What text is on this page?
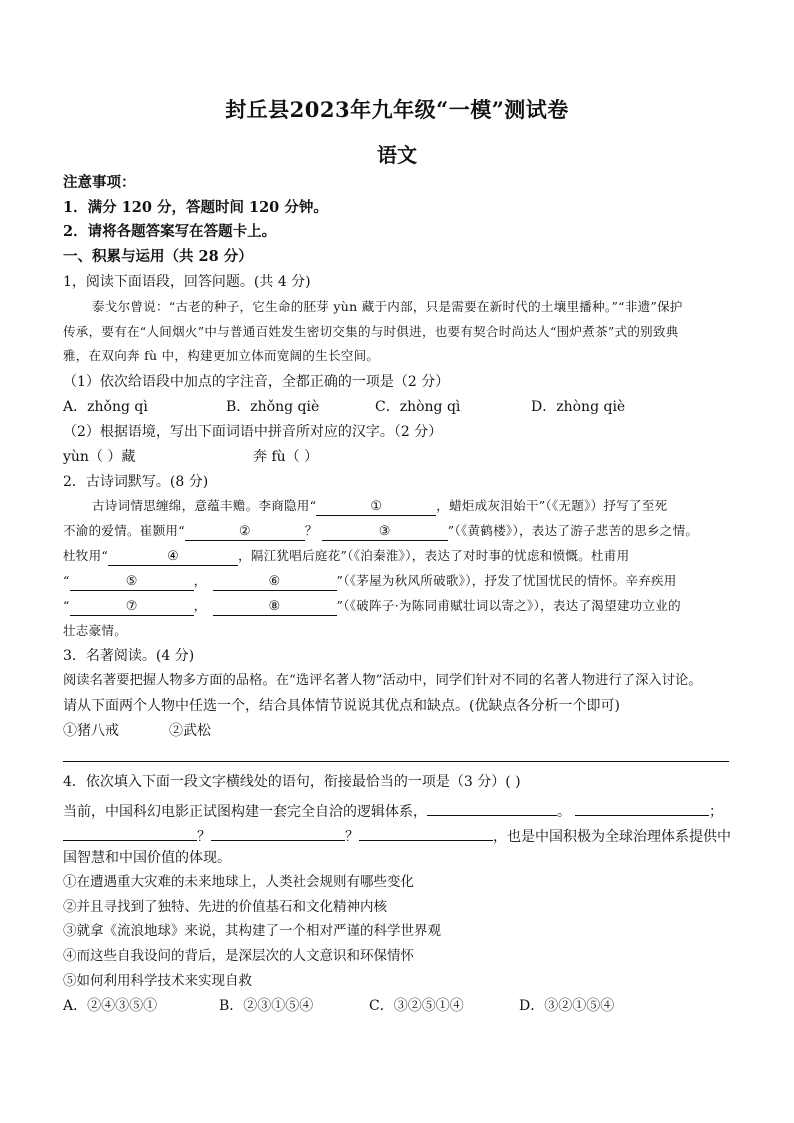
封丘县2023年九年级“一模”测试卷
语文
注意事项：
1．满分 120 分，答题时间 120 分钟。
2．请将各题答案写在答题卡上。
一、积累与运用（共 28 分）
1，阅读下面语段，回答问题。(共 4 分)
泰戈尔曾说：“古老的种子，它生命的胚芽 yùn 藏于内部，只是需要在新时代的土壤里播种。”“非遗”保护
传承，要有在“人间烟火”中与普通百姓发生密切交集的与时俱进，也要有契合时尚达人“围炉煮茶”式的别致典
雅，在双向奔 fù 中，构建更加立体而宽阔的生长空间。
（1）依次给语段中加点的字注音，全都正确的一项是（2 分）
A．zhǒng qì	B．zhǒng qiè	C．zhòng qì	D．zhòng qiè
（2）根据语境，写出下面词语中拼音所对应的汉字。（2 分）
yùn（ ）藏	奔 fù（ ）
2．古诗词默写。(8 分)
古诗词情思缠绵，意蕴丰赡。李商隐用“	①	，蜡炬成灰泪始干”（《无题》）抒写了至死
不渝的爱情。崔颢用“	②	？	③	”（《黄鹤楼》），表达了游子悲苦的思乡之情。
杜牧用“	④	，隔江犹唱后庭花”（《泊秦淮》），表达了对时事的忧虑和愤慨。杜甫用
“	⑤	，	⑥	”（《茅屋为秋风所破歌》），抒发了忧国忧民的情怀。辛弃疾用
“	⑦	，	⑧	”（《破阵子·为陈同甫赋壮词以寄之》），表达了渴望建功立业的
壮志豪情。
3．名著阅读。(4 分)
阅读名著要把握人物多方面的品格。在“选评名著人物”活动中，同学们针对不同的名著人物进行了深入讨论。
请从下面两个人物中任选一个，结合具体情节说说其优点和缺点。(优缺点各分析一个即可)
①猪八戒	②武松
4．依次填入下面一段文字横线处的语句，衔接最恰当的一项是（3 分）( )
当前，中国科幻电影正试图构建一套完全自洽的逻辑体系，	。	；
？	？	，也是中国积极为全球治理体系提供中
国智慧和中国价值的体现。
①在遭遇重大灾难的未来地球上，人类社会规则有哪些变化
②并且寻找到了独特、先进的价值基石和文化精神内核
③就拿《流浪地球》来说，其构建了一个相对严谨的科学世界观
④而这些自我设问的背后，是深层次的人文意识和环保情怀
⑤如何利用科学技术来实现自救
A．②④③⑤①	B．②③①⑤④	C．③②⑤①④	D．③②①⑤④
